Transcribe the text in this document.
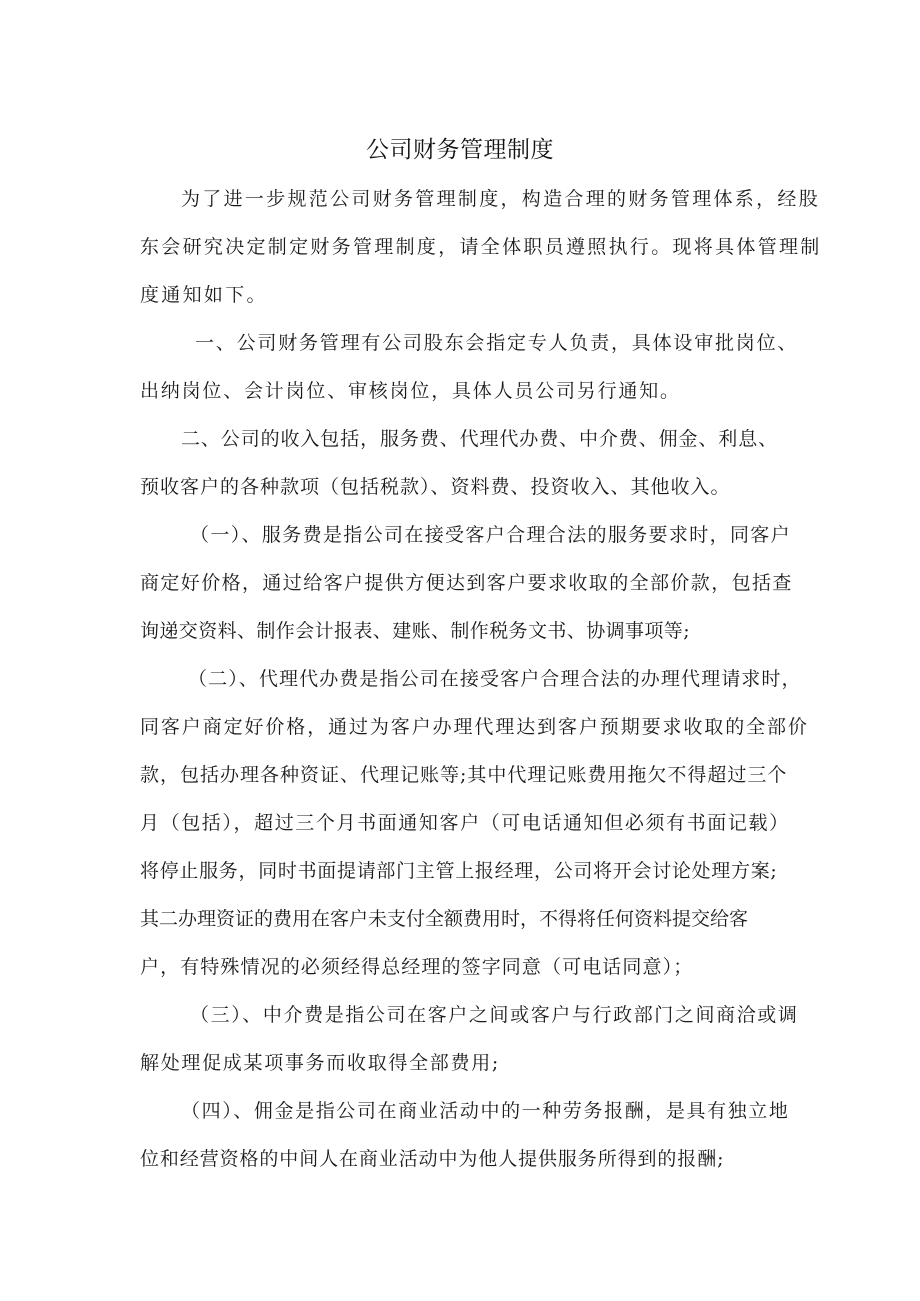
公司财务管理制度
为了进一步规范公司财务管理制度，构造合理的财务管理体系，经股
东会研究决定制定财务管理制度，请全体职员遵照执行。现将具体管理制
度通知如下。
一、公司财务管理有公司股东会指定专人负责，具体设审批岗位、
出纳岗位、会计岗位、审核岗位，具体人员公司另行通知。
二、公司的收入包括，服务费、代理代办费、中介费、佣金、利息、
预收客户的各种款项（包括税款）、资料费、投资收入、其他收入。
（一）、服务费是指公司在接受客户合理合法的服务要求时，同客户
商定好价格，通过给客户提供方便达到客户要求收取的全部价款，包括查
询递交资料、制作会计报表、建账、制作税务文书、协调事项等;
（二）、代理代办费是指公司在接受客户合理合法的办理代理请求时，
同客户商定好价格，通过为客户办理代理达到客户预期要求收取的全部价
款，包括办理各种资证、代理记账等;其中代理记账费用拖欠不得超过三个
月（包括），超过三个月书面通知客户（可电话通知但必须有书面记载）
将停止服务，同时书面提请部门主管上报经理，公司将开会讨论处理方案;
其二办理资证的费用在客户未支付全额费用时，不得将任何资料提交给客
户，有特殊情况的必须经得总经理的签字同意（可电话同意）；
（三）、中介费是指公司在客户之间或客户与行政部门之间商洽或调
解处理促成某项事务而收取得全部费用;
（四）、佣金是指公司在商业活动中的一种劳务报酬，是具有独立地
位和经营资格的中间人在商业活动中为他人提供服务所得到的报酬;
